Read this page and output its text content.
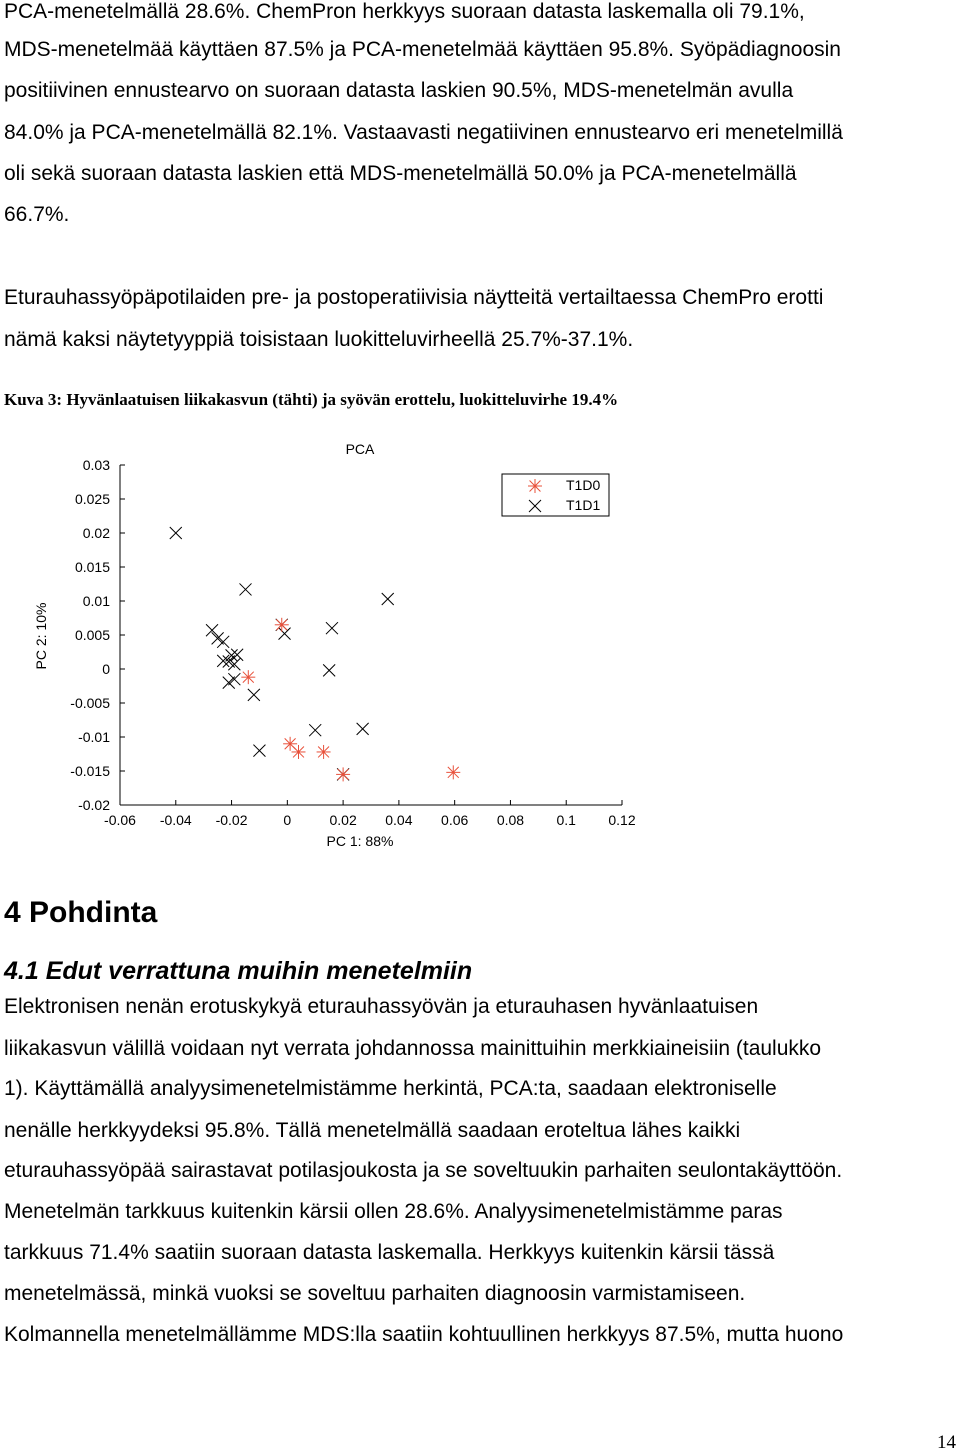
PCA-menetelmällä 28.6%. ChemPron herkkyys suoraan datasta laskemalla oli 79.1%,
MDS-menetelmää käyttäen 87.5% ja PCA-menetelmää käyttäen 95.8%. Syöpädiagnoosin
positiivinen ennustearvo on suoraan datasta laskien 90.5%, MDS-menetelmän avulla
84.0% ja PCA-menetelmällä 82.1%. Vastaavasti negatiivinen ennustearvo eri menetelmillä
oli sekä suoraan datasta laskien että MDS-menetelmällä 50.0% ja PCA-menetelmällä
66.7%.
Eturauhassyöpäpotilaiden pre- ja postoperatiivisia näytteitä vertailtaessa ChemPro erotti
nämä kaksi näytetyyppiä toisistaan luokitteluvirheellä 25.7%-37.1%.
Kuva 3: Hyvänlaatuisen liikakasvun (tähti) ja syövän erottelu, luokitteluvirhe 19.4%
-0.06 -0.04 -0.02	0	0.02 0.04 0.06 0.08 0.1 0.12
0.03
0.025
0.02
0.015
0.01
0.005
0
-0.005
-0.01
-0.015
-0.02
PCA
PC 1: 88%
PC 2: 10%
T1D0
T1D1
4 Pohdinta
4.1 Edut verrattuna muihin menetelmiin
Elektronisen nenän erotuskykyä eturauhassyövän ja eturauhasen hyvänlaatuisen
liikakasvun välillä voidaan nyt verrata johdannossa mainittuihin merkkiaineisiin (taulukko
1). Käyttämällä analyysimenetelmistämme herkintä, PCA:ta, saadaan elektroniselle
nenälle herkkyydeksi 95.8%. Tällä menetelmällä saadaan eroteltua lähes kaikki
eturauhassyöpää sairastavat potilasjoukosta ja se soveltuukin parhaiten seulontakäyttöön.
Menetelmän tarkkuus kuitenkin kärsii ollen 28.6%. Analyysimenetelmistämme paras
tarkkuus 71.4% saatiin suoraan datasta laskemalla. Herkkyys kuitenkin kärsii tässä
menetelmässä, minkä vuoksi se soveltuu parhaiten diagnoosin varmistamiseen.
Kolmannella menetelmällämme MDS:lla saatiin kohtuullinen herkkyys 87.5%, mutta huono
14
